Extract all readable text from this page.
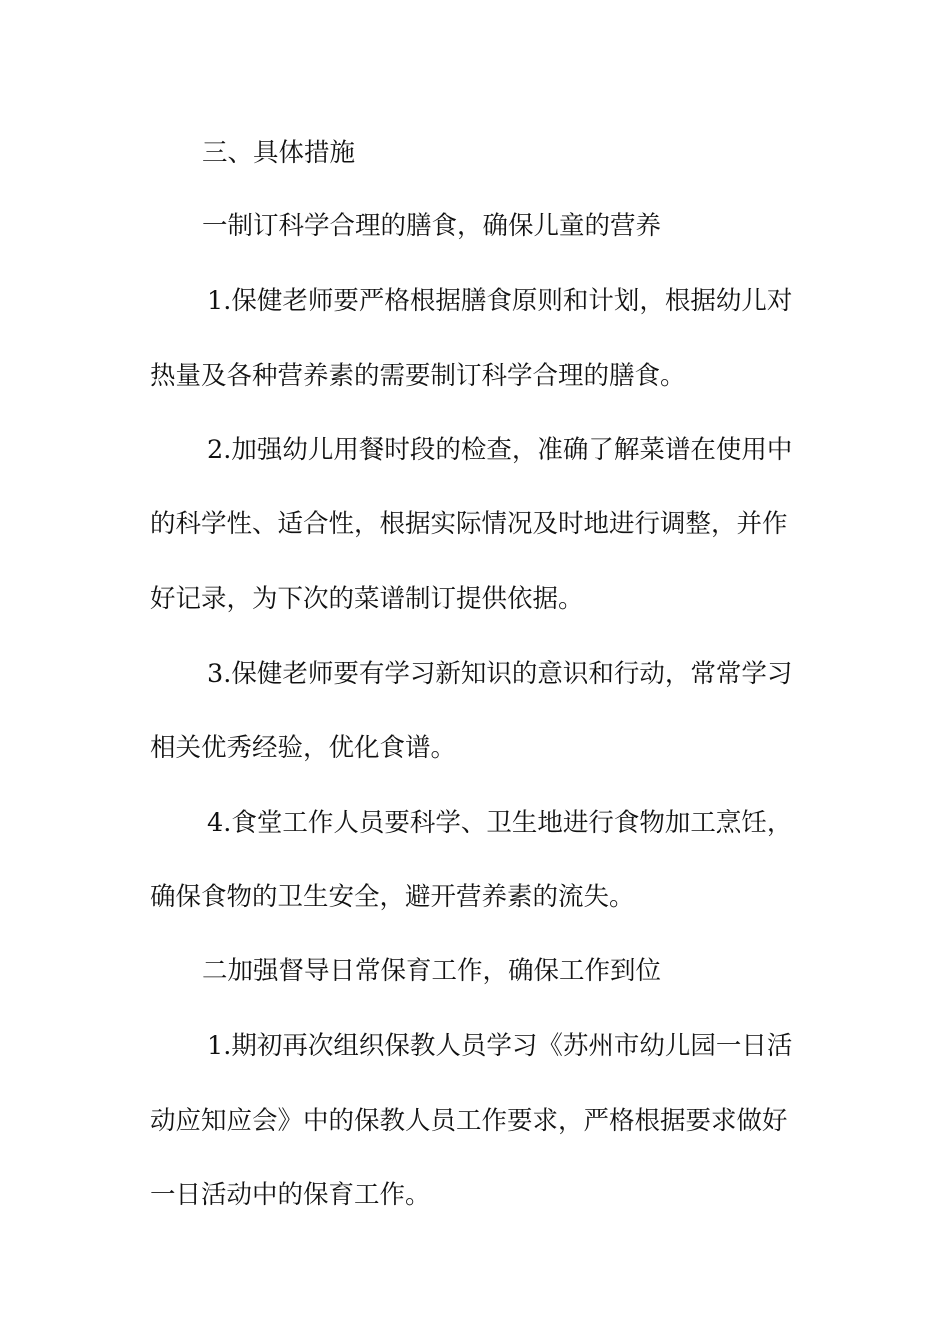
三、具体措施

一制订科学合理的膳食，确保儿童的营养

1.保健老师要严格根据膳食原则和计划，根据幼儿对

热量及各种营养素的需要制订科学合理的膳食。

2.加强幼儿用餐时段的检查，准确了解菜谱在使用中

的科学性、适合性，根据实际情况及时地进行调整，并作

好记录，为下次的菜谱制订提供依据。

3.保健老师要有学习新知识的意识和行动，常常学习

相关优秀经验，优化食谱。

4.食堂工作人员要科学、卫生地进行食物加工烹饪，

确保食物的卫生安全，避开营养素的流失。

二加强督导日常保育工作，确保工作到位

1.期初再次组织保教人员学习《苏州市幼儿园一日活

动应知应会》中的保教人员工作要求，严格根据要求做好

一日活动中的保育工作。
